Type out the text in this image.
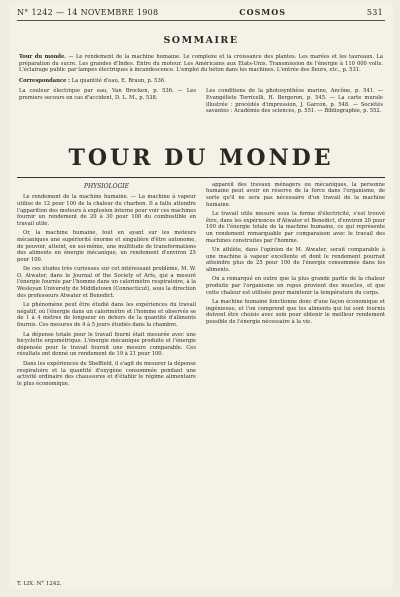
N° 1242 — 14 NOVEMBRE 1908	COSMOS	531
SOMMAIRE

Tour du monde. — Le rendement de la machine humaine. Le complexe et la croissance des plantes. Les marées et les taureaux. La préparation du sucre. Les grandes d'Indes. Entre du moteur. Les Américains aux Etats-Unis. Transmission de l'énergie à 110 000 volts. L'éclairage public par lampes électriques à incandescence. L'emploi du béton dans les machines. L'entrée des fleurs, etc., p. 531.

Correspondance : La quantité d'eau, E. Braun, p. 536.

La couleur électrique par eau, Van Brocken, p. 536. — Les premiers secours en cas d'accident, D. L. M., p. 538.

Les conditions de la photosynthèse marine, Ancône, p. 541. — Evangéliste Torricelli, H. Bergeron, p. 545. — La carte murale illustrée : procédés d'impression, J. Garcon, p. 548. — Sociétés savantes : Académie des sciences, p. 551. — Bibliographie, p. 552.

TOUR DU MONDE

PHYSIOLOGIE

Le rendement de la machine humaine. — La machine à vapeur utilise de 12 pour 100 de la chaleur du charbon. Il a fallu attendre l'apparition des moteurs à explosion interne pour voir ces machines fournir un rendement de 20 à 30 pour 100 du combustible en travail utile.

Or, la machine humaine, tout en ayant sur les moteurs mécaniques une supériorité énorme et singulière d'être autonome, de pouvoir, atteint, en soi-même, une multitude de transformations des aliments en énergie mécanique, un rendement d'environ 25 pour 100.

De ces études très curieuses sur cet intéressant problème, M. W. O. Atwater, dans le Journal of the Society of Arts, qui a mesuré l'énergie fournie par l'homme dans un calorimètre respiratoire, à la Wesleyan University de Middletown (Connecticut), sous la direction des professeurs Atwater et Benedict.

Le phénomène peut être étudié dans les expériences du travail négatif, où l'énergie dans un calorimètre et l'homme et observés se de 1 à 4 mètres de longueur en dehors de la quantité d'aliments fournis. Ces mesures de 4 à 5 jours étudiés dans la chambre.

La dépense totale pour le travail fourni était mesurée avec une bicyclette ergométrique. L'énergie mécanique produite et l'énergie dépensée pour le travail fournit une mesure comparable. Ces résultats ont donné un rendement de 19 à 21 pour 100.

Dans les expériences de Sheffield, il s'agit de mesurer la dépense respiratoire et la quantité d'oxygène consommée pendant une activité ordinaire des chaussures et d'établir le régime alimentaire le plus économique.

appareil des travaux ménagers ou mécaniques, la personne humaine peut avoir en réserve de la force dans l'organisme, de sorte qu'il ne sera pas nécessaire d'un travail de la machine humaine.

Le travail utile mesuré sous la forme d'électricité, s'est trouvé être, dans les expériences d'Atwater et Benedict, d'environ 20 pour 100 de l'énergie totale de la machine humaine, ce qui représente un rendement remarquable par comparaison avec le travail des machines construites par l'homme.

Un athlète, dans l'opinion de M. Atwater, serait comparable à une machine à vapeur excellente et dont le rendement pourrait atteindre plus de 25 pour 100 de l'énergie consommée dans les aliments.

On a remarqué en outre que la plus grande partie de la chaleur produite par l'organisme en repos provient des muscles, et que cette chaleur est utilisée pour maintenir la température du corps.

La machine humaine fonctionne donc d'une façon économique et ingénieuse, et l'on comprend que les aliments qui lui sont fournis doivent être choisis avec soin pour obtenir le meilleur rendement possible de l'énergie nécessaire à la vie.

T. LIX. N° 1242.
